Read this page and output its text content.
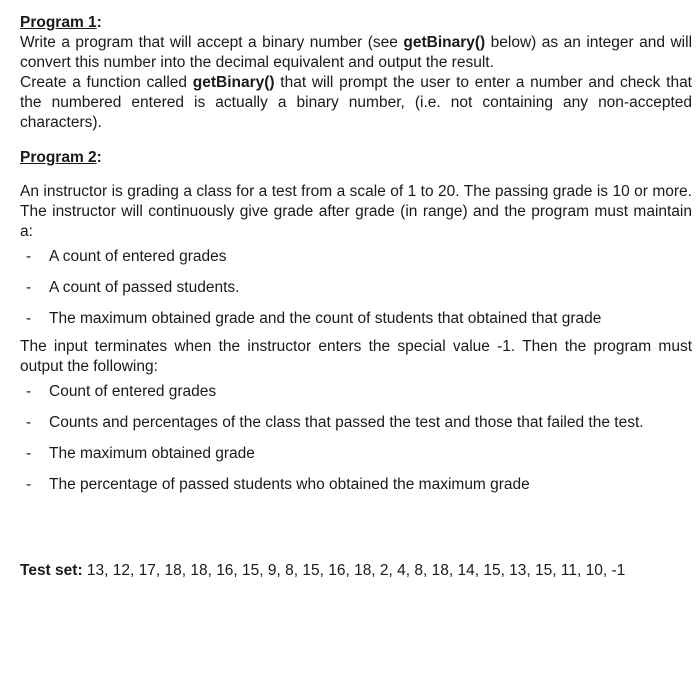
Program 1:

Write a program that will accept a binary number (see getBinary() below) as an integer and will convert this number into the decimal equivalent and output the result.

Create a function called getBinary() that will prompt the user to enter a number and check that the numbered entered is actually a binary number, (i.e. not containing any non-accepted characters).

Program 2:

An instructor is grading a class for a test from a scale of 1 to 20. The passing grade is 10 or more. The instructor will continuously give grade after grade (in range) and the program must maintain a:

- A count of entered grades
- A count of passed students.
- The maximum obtained grade and the count of students that obtained that grade

The input terminates when the instructor enters the special value -1. Then the program must output the following:

- Count of entered grades
- Counts and percentages of the class that passed the test and those that failed the test.
- The maximum obtained grade
- The percentage of passed students who obtained the maximum grade
Test set: 13, 12, 17, 18, 18, 16, 15, 9, 8, 15, 16, 18, 2, 4, 8, 18, 14, 15, 13, 15, 11, 10, -1
